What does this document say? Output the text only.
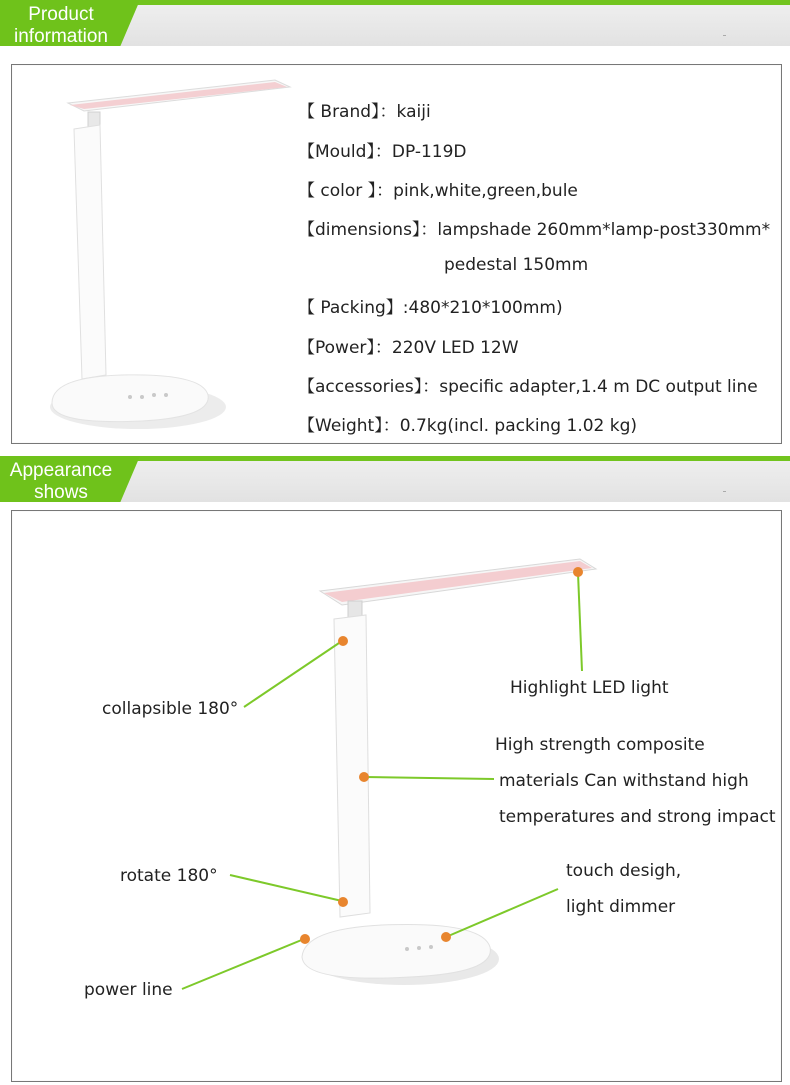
Product
information
【 Brand】：kaiji
【Mould】：DP-119D
【 color 】：pink,white,green,bule
【dimensions】：lampshade 260mm*lamp-post330mm*
pedestal 150mm
【 Packing】:480*210*100mm)
【Power】：220V LED 12W
【accessories】：specific adapter,1.4 m DC output line
【Weight】：0.7kg(incl. packing 1.02 kg)
Appearance
shows
Highlight LED light
collapsible 180°
High strength composite
materials Can withstand high
temperatures and strong impact
rotate 180°	touch desigh,
light dimmer
power line
